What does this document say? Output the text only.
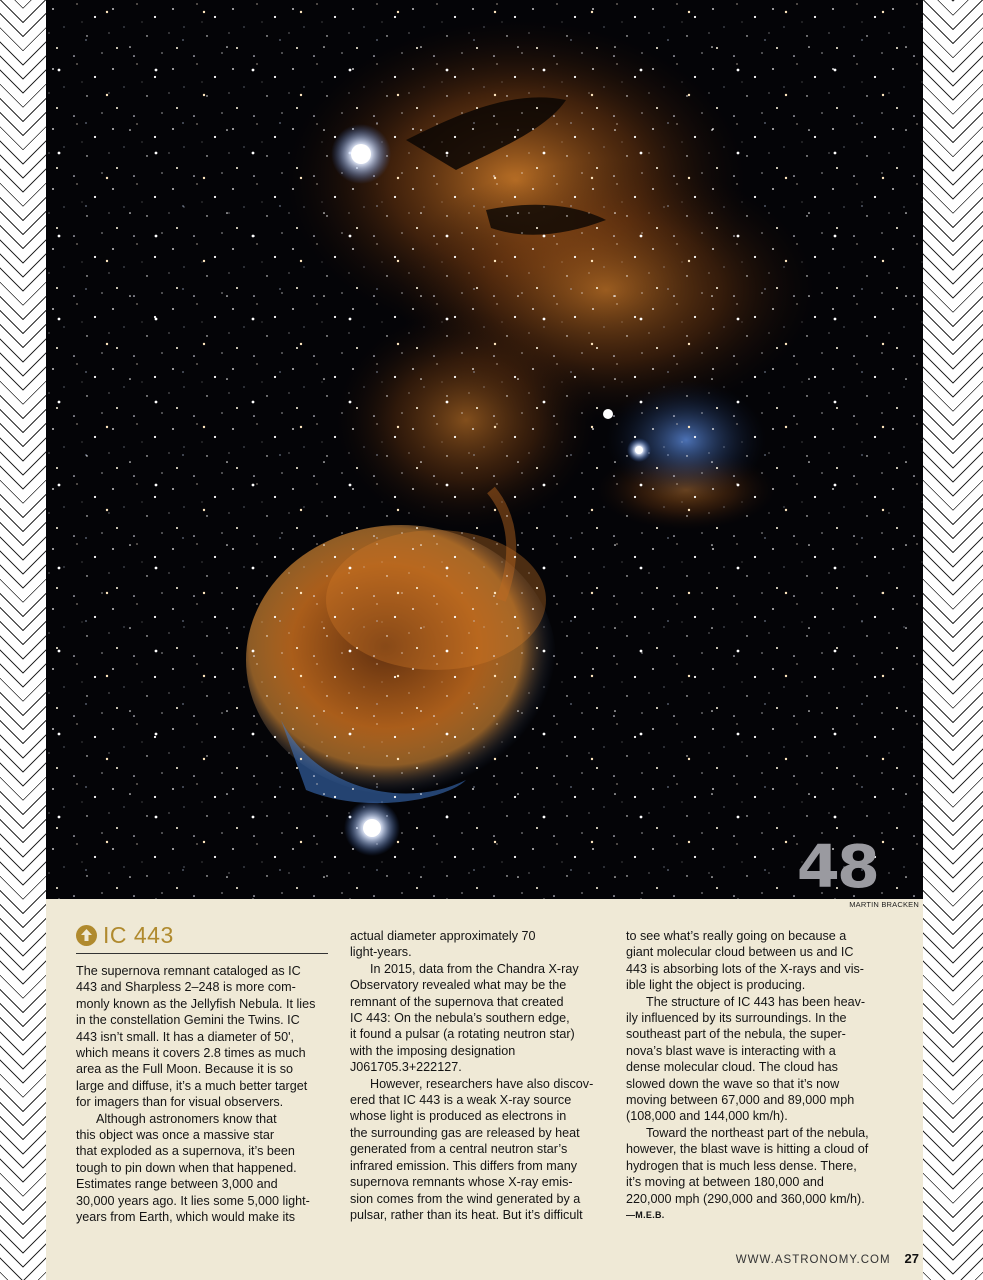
48
MARTIN BRACKEN
IC 443

The supernova remnant cataloged as IC
443 and Sharpless 2–248 is more com-
monly known as the Jellyfish Nebula. It lies
in the constellation Gemini the Twins. IC
443 isn’t small. It has a diameter of 50',
which means it covers 2.8 times as much
area as the Full Moon. Because it is so
large and diffuse, it’s a much better target
for imagers than for visual observers.

Although astronomers know that
this object was once a massive star
that exploded as a supernova, it’s been
tough to pin down when that happened.
Estimates range between 3,000 and
30,000 years ago. It lies some 5,000 light-
years from Earth, which would make its

actual diameter approximately 70
light-years.

In 2015, data from the Chandra X-ray
Observatory revealed what may be the
remnant of the supernova that created
IC 443: On the nebula’s southern edge,
it found a pulsar (a rotating neutron star)
with the imposing designation
J061705.3+222127.

However, researchers have also discov-
ered that IC 443 is a weak X-ray source
whose light is produced as electrons in
the surrounding gas are released by heat
generated from a central neutron star’s
infrared emission. This differs from many
supernova remnants whose X-ray emis-
sion comes from the wind generated by a
pulsar, rather than its heat. But it’s difficult

to see what’s really going on because a
giant molecular cloud between us and IC
443 is absorbing lots of the X-rays and vis-
ible light the object is producing.

The structure of IC 443 has been heav-
ily influenced by its surroundings. In the
southeast part of the nebula, the super-
nova’s blast wave is interacting with a
dense molecular cloud. The cloud has
slowed down the wave so that it’s now
moving between 67,000 and 89,000 mph
(108,000 and 144,000 km/h).

Toward the northeast part of the nebula,
however, the blast wave is hitting a cloud of
hydrogen that is much less dense. There,
it’s moving at between 180,000 and
220,000 mph (290,000 and 360,000 km/h).

—M.E.B.

WWW.ASTRONOMY.COM 27
